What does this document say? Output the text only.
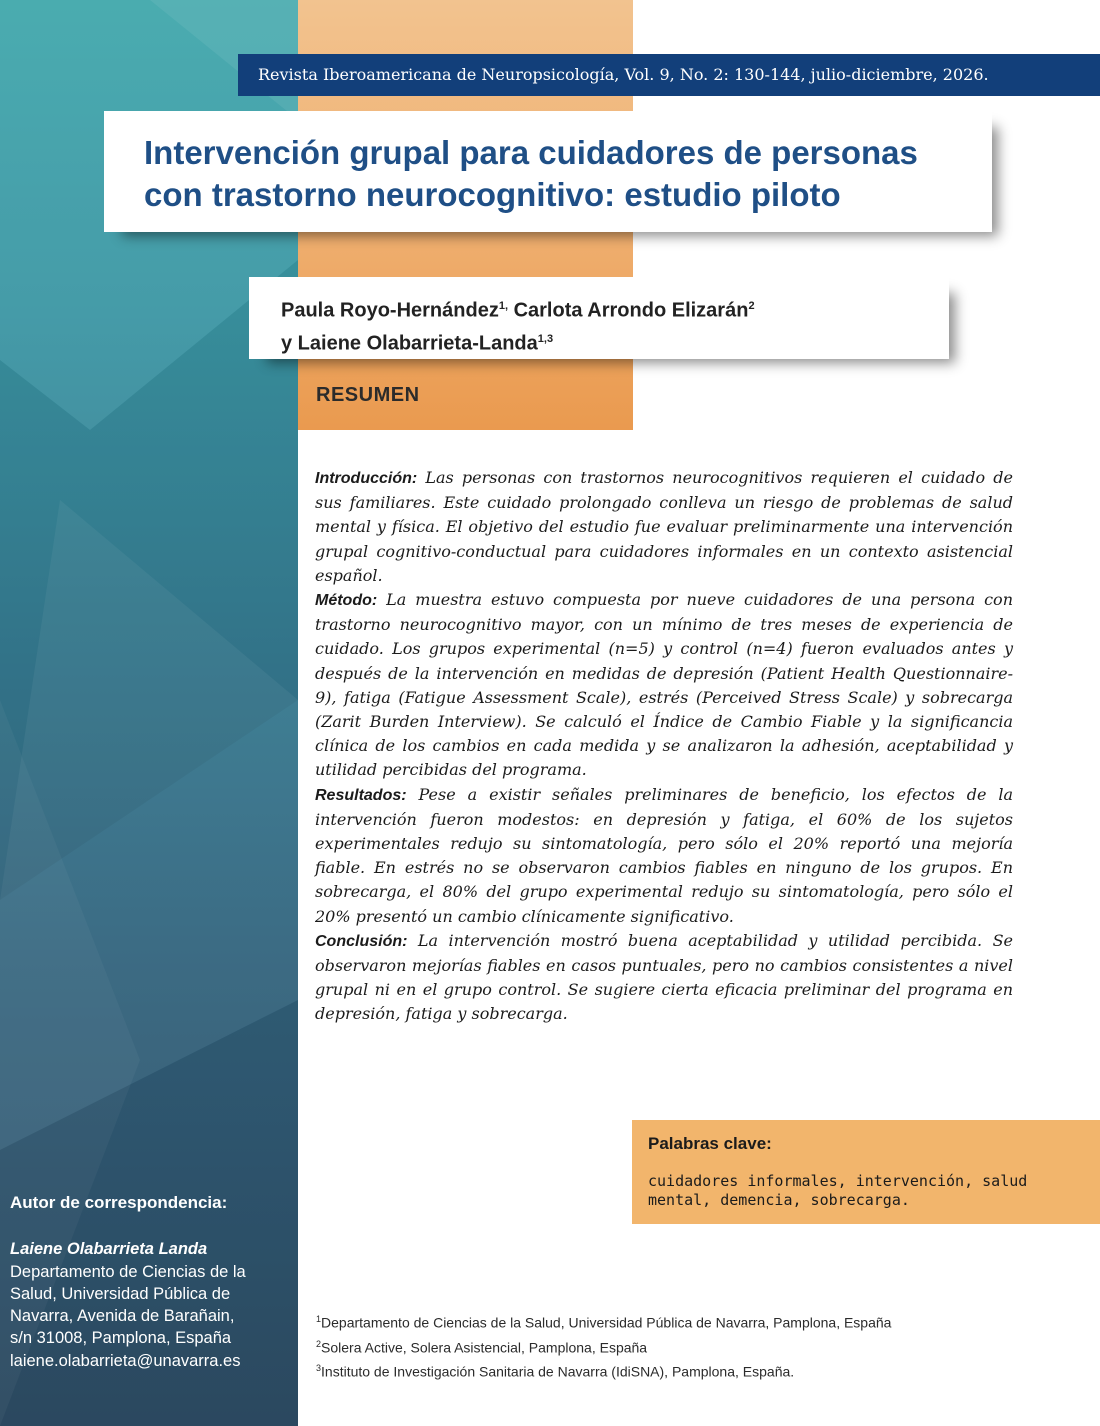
Autor de correspondencia:
Laiene Olabarrieta Landa
Departamento de Ciencias de la
Salud, Universidad Pública de
Navarra, Avenida de Barañain,
s/n 31008, Pamplona, España
laiene.olabarrieta@unavarra.es
Revista Iberoamericana de Neuropsicología, Vol. 9, No. 2: 130-144, julio-diciembre, 2026.
Intervención grupal para cuidadores de personas
con trastorno neurocognitivo: estudio piloto

Paula Royo-Hernández$^{1,}$ Carlota Arrondo Elizarán$^2$
y Laiene Olabarrieta-Landa$^{1,3}$

RESUMEN

Introducción: Las personas con trastornos neurocognitivos requieren el cuidado de sus familiares. Este cuidado prolongado conlleva un riesgo de problemas de salud mental y física. El objetivo del estudio fue evaluar preliminarmente una intervención grupal cognitivo-conductual para cuidadores informales en un contexto asistencial español.

Método: La muestra estuvo compuesta por nueve cuidadores de una persona con trastorno neurocognitivo mayor, con un mínimo de tres meses de experiencia de cuidado. Los grupos experimental (n=5) y control (n=4) fueron evaluados antes y después de la intervención en medidas de depresión (Patient Health Questionnaire-9), fatiga (Fatigue Assessment Scale), estrés (Perceived Stress Scale) y sobrecarga (Zarit Burden Interview). Se calculó el Índice de Cambio Fiable y la significancia clínica de los cambios en cada medida y se analizaron la adhesión, aceptabilidad y utilidad percibidas del programa.

Resultados: Pese a existir señales preliminares de beneficio, los efectos de la intervención fueron modestos: en depresión y fatiga, el 60% de los sujetos experimentales redujo su sintomatología, pero sólo el 20% reportó una mejoría fiable. En estrés no se observaron cambios fiables en ninguno de los grupos. En sobrecarga, el 80% del grupo experimental redujo su sintomatología, pero sólo el 20% presentó un cambio clínicamente significativo.

Conclusión: La intervención mostró buena aceptabilidad y utilidad percibida. Se observaron mejorías fiables en casos puntuales, pero no cambios consistentes a nivel grupal ni en el grupo control. Se sugiere cierta eficacia preliminar del programa en depresión, fatiga y sobrecarga.

Palabras clave:
cuidadores informales, intervención, salud mental, demencia, sobrecarga.
$^1$Departamento de Ciencias de la Salud, Universidad Pública de Navarra, Pamplona, España
$^2$Solera Active, Solera Asistencial, Pamplona, España
$^3$Instituto de Investigación Sanitaria de Navarra (IdiSNA), Pamplona, España.
